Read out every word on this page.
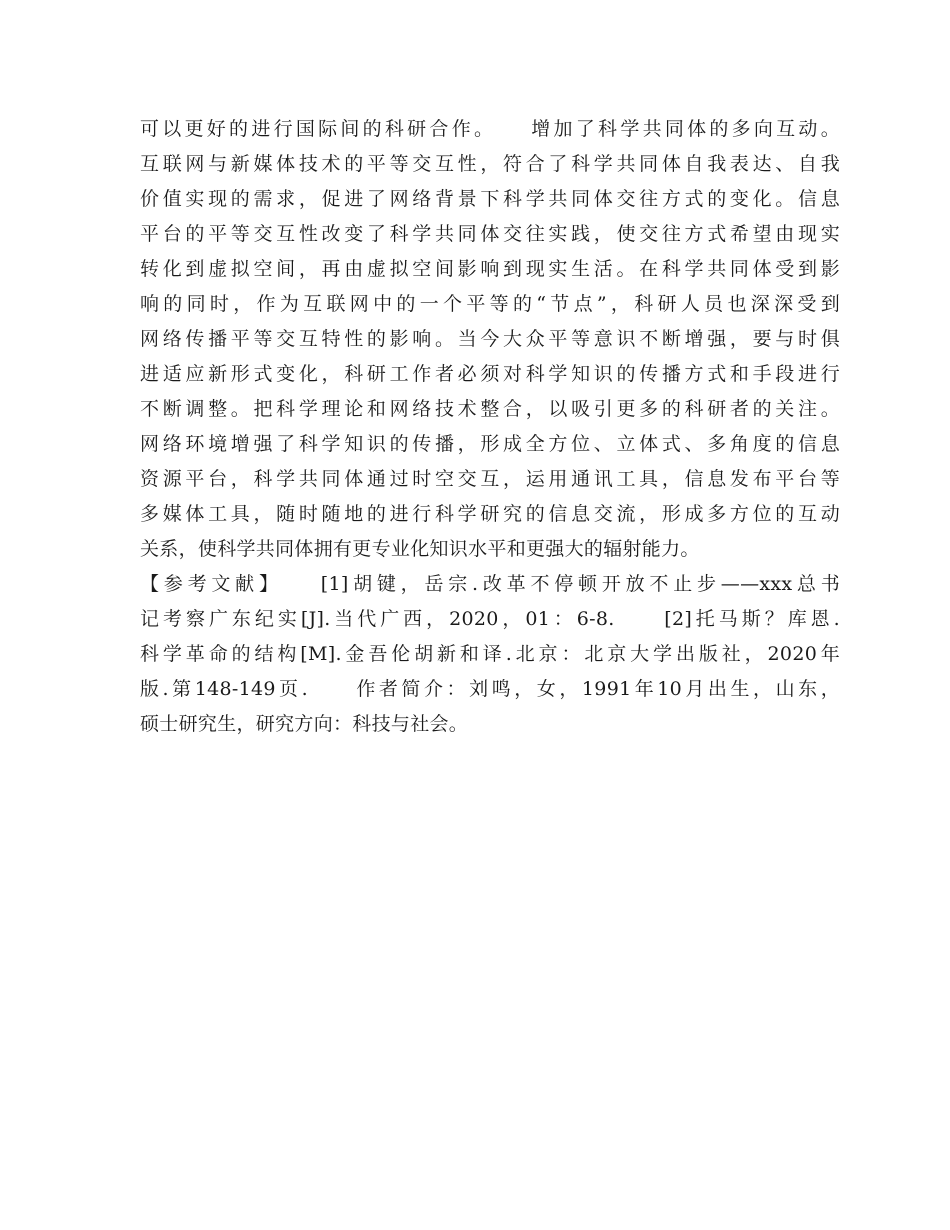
可以更好的进行国际间的科研合作。　　增加了科学共同体的多向互动。
互联网与新媒体技术的平等交互性，符合了科学共同体自我表达、自我
价值实现的需求，促进了网络背景下科学共同体交往方式的变化。信息
平台的平等交互性改变了科学共同体交往实践，使交往方式希望由现实
转化到虚拟空间，再由虚拟空间影响到现实生活。在科学共同体受到影
响的同时，作为互联网中的一个平等的“节点”，科研人员也深深受到
网络传播平等交互特性的影响。当今大众平等意识不断增强，要与时俱
进适应新形式变化，科研工作者必须对科学知识的传播方式和手段进行
不断调整。把科学理论和网络技术整合，以吸引更多的科研者的关注。
网络环境增强了科学知识的传播，形成全方位、立体式、多角度的信息
资源平台，科学共同体通过时空交互，运用通讯工具，信息发布平台等
多媒体工具，随时随地的进行科学研究的信息交流，形成多方位的互动
关系，使科学共同体拥有更专业化知识水平和更强大的辐射能力。
【参考文献】　　[1]胡键，岳宗.改革不停顿开放不止步——xxx总书
记考察广东纪实[J].当代广西，2020，01：6-8.　　[2]托马斯？库恩.
科学革命的结构[M].金吾伦胡新和译.北京：北京大学出版社，2020年
版.第148-149页.　　作者简介：刘鸣，女，1991年10月出生，山东，
硕士研究生，研究方向：科技与社会。
